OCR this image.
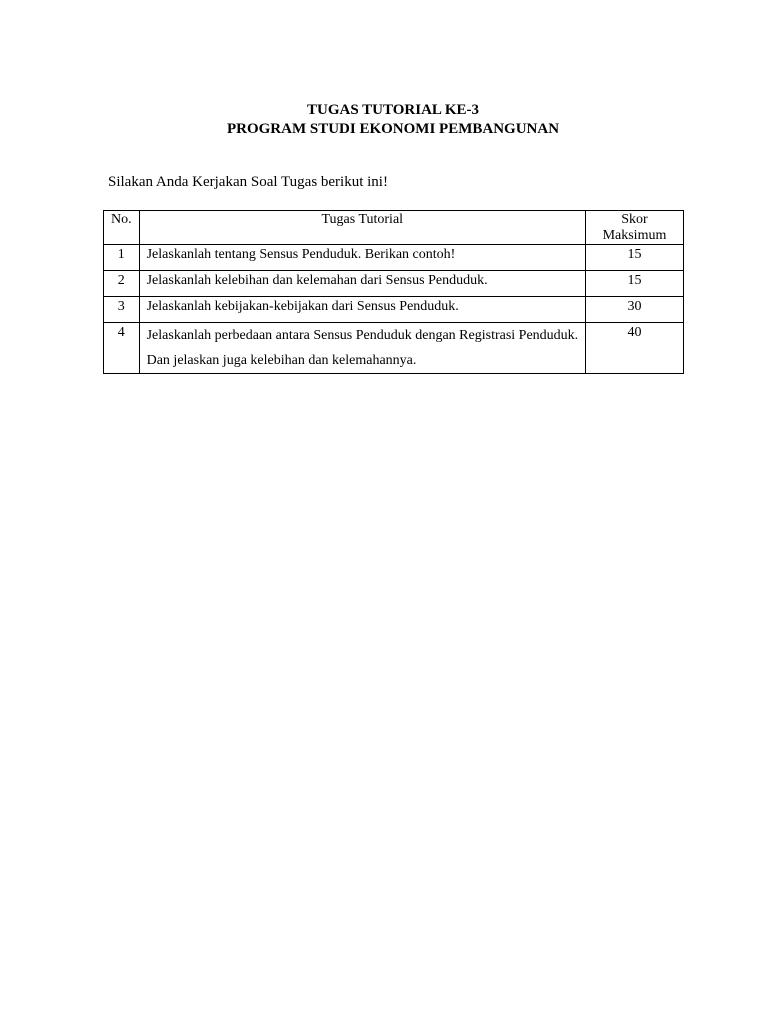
TUGAS TUTORIAL KE-3
PROGRAM STUDI EKONOMI PEMBANGUNAN
Silakan Anda Kerjakan Soal Tugas berikut ini!
No.	Tugas Tutorial	Skor
Maksimum

1	Jelaskanlah tentang Sensus Penduduk. Berikan contoh!	15
2	Jelaskanlah kelebihan dan kelemahan dari Sensus Penduduk.	15
3	Jelaskanlah kebijakan-kebijakan dari Sensus Penduduk.	30
4	Jelaskanlah perbedaan antara Sensus Penduduk dengan Registrasi Penduduk. Dan jelaskan juga kelebihan dan kelemahannya.	40
